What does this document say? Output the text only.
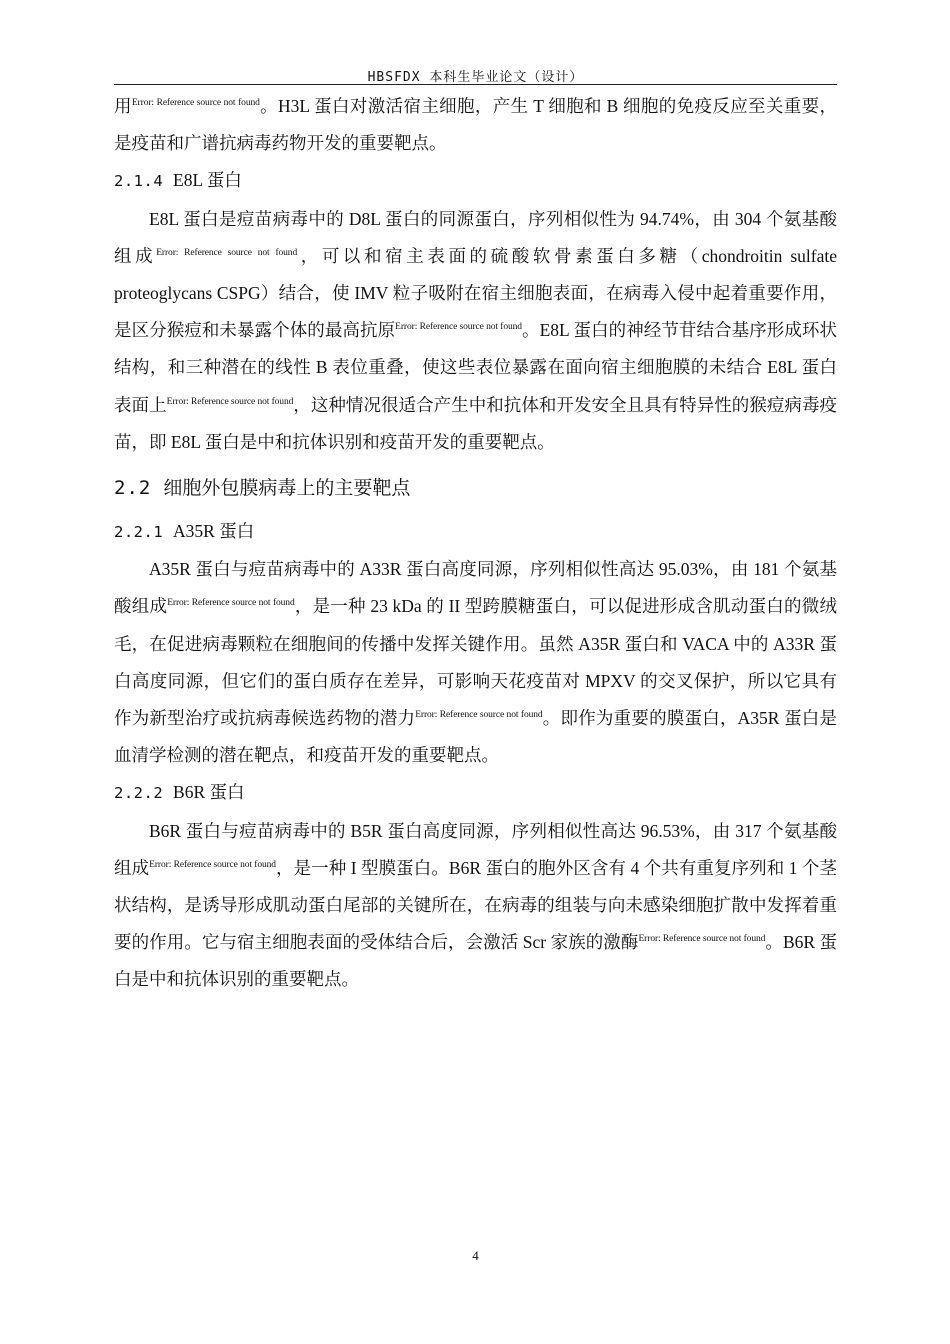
HBSFDX 本科生毕业论文（设计）

用$^{Error: Reference source not found}$。H3L 蛋白对激活宿主细胞，产生 T 细胞和 B 细胞的免疫反应至关重要，是疫苗和广谱抗病毒药物开发的重要靶点。

2.1.4 E8L 蛋白

E8L 蛋白是痘苗病毒中的 D8L 蛋白的同源蛋白，序列相似性为 94.74%，由 304 个氨基酸组成$^{Error: Reference source not found}$，可以和宿主表面的硫酸软骨素蛋白多糖（chondroitin sulfate proteoglycans CSPG）结合，使 IMV 粒子吸附在宿主细胞表面，在病毒入侵中起着重要作用，是区分猴痘和未暴露个体的最高抗原$^{Error: Reference source not found}$。E8L 蛋白的神经节苷结合基序形成环状结构，和三种潜在的线性 B 表位重叠，使这些表位暴露在面向宿主细胞膜的未结合 E8L 蛋白表面上$^{Error: Reference source not found}$，这种情况很适合产生中和抗体和开发安全且具有特异性的猴痘病毒疫苗，即 E8L 蛋白是中和抗体识别和疫苗开发的重要靶点。

2.2 细胞外包膜病毒上的主要靶点
2.2.1 A35R 蛋白

A35R 蛋白与痘苗病毒中的 A33R 蛋白高度同源，序列相似性高达 95.03%，由 181 个氨基酸组成$^{Error: Reference source not found}$，是一种 23 kDa 的 II 型跨膜糖蛋白，可以促进形成含肌动蛋白的微绒毛，在促进病毒颗粒在细胞间的传播中发挥关键作用。虽然 A35R 蛋白和 VACA 中的 A33R 蛋白高度同源，但它们的蛋白质存在差异，可影响天花疫苗对 MPXV 的交叉保护，所以它具有作为新型治疗或抗病毒候选药物的潜力$^{Error: Reference source not found}$。即作为重要的膜蛋白，A35R 蛋白是血清学检测的潜在靶点，和疫苗开发的重要靶点。

2.2.2 B6R 蛋白

B6R 蛋白与痘苗病毒中的 B5R 蛋白高度同源，序列相似性高达 96.53%，由 317 个氨基酸组成$^{Error: Reference source not found}$，是一种 I 型膜蛋白。B6R 蛋白的胞外区含有 4 个共有重复序列和 1 个茎状结构，是诱导形成肌动蛋白尾部的关键所在，在病毒的组装与向未感染细胞扩散中发挥着重要的作用。它与宿主细胞表面的受体结合后，会激活 Scr 家族的激酶$^{Error: Reference source not found}$。B6R 蛋白是中和抗体识别的重要靶点。

4
